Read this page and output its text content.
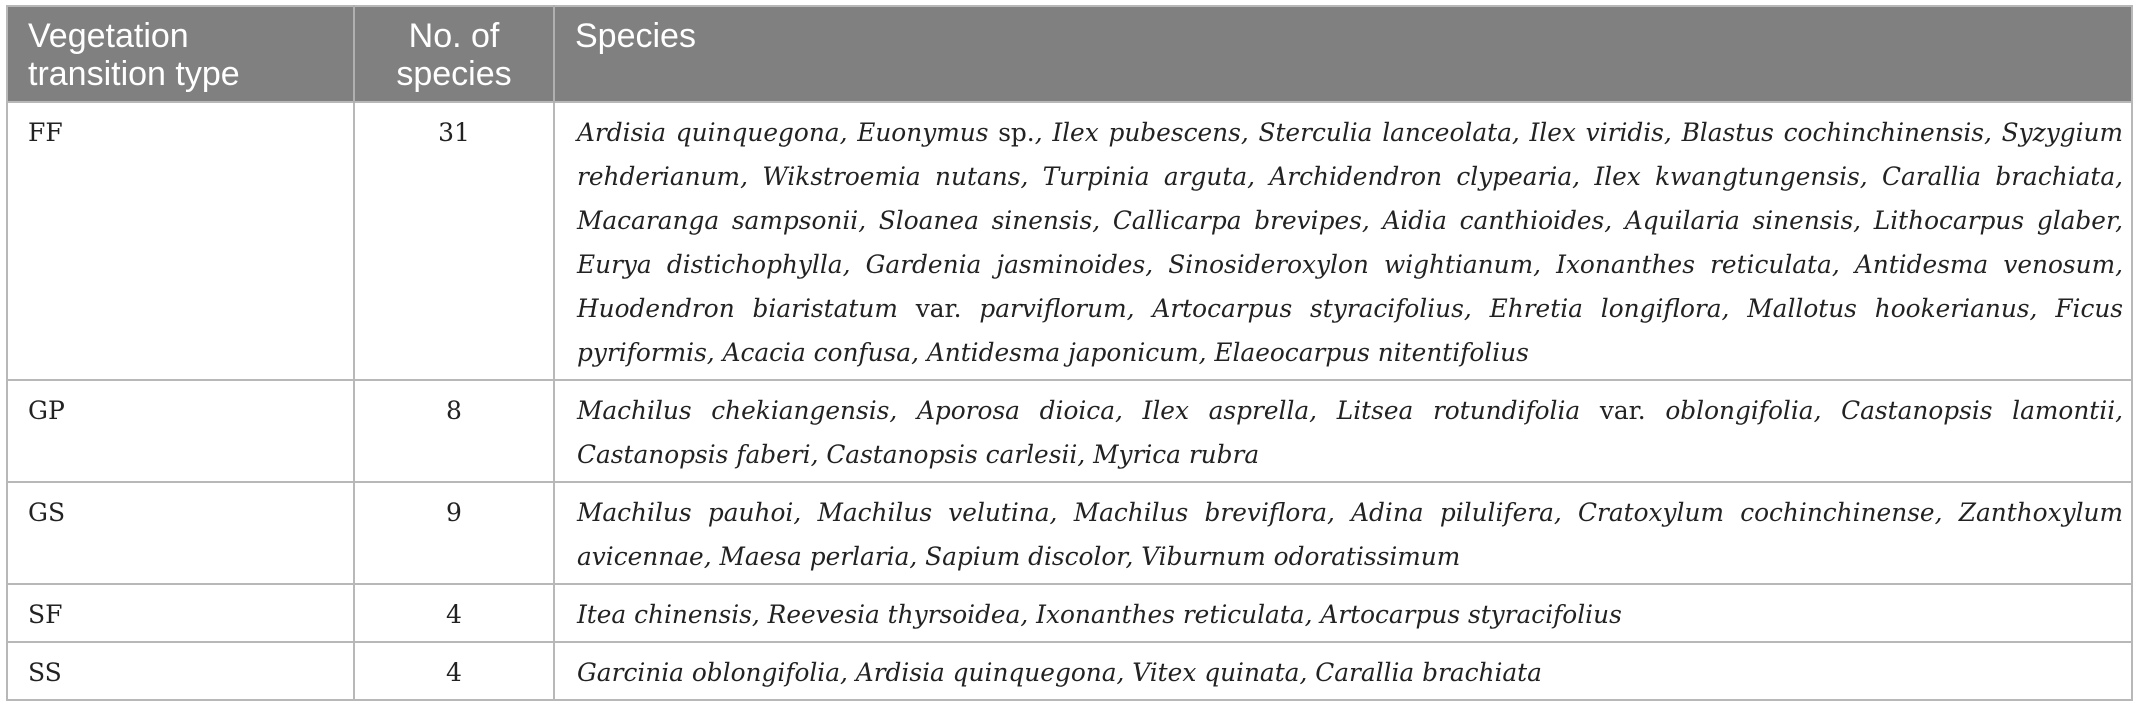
Vegetation transition type	No. of species	Species
FF	31	Ardisia quinquegona, Euonymus sp., Ilex pubescens, Sterculia lanceolata, Ilex viridis, Blastus cochinchinensis, Syzygium rehderianum, Wikstroemia nutans, Turpinia arguta, Archidendron clypearia, Ilex kwangtungensis, Carallia brachiata, Macaranga sampsonii, Sloanea sinensis, Callicarpa brevipes, Aidia canthioides, Aquilaria sinensis, Lithocarpus glaber, Eurya distichophylla, Gardenia jasminoides, Sinosideroxylon wightianum, Ixonanthes reticulata, Antidesma venosum, Huodendron biaristatum var. parviflorum, Artocarpus styracifolius, Ehretia longiflora, Mallotus hookerianus, Ficus pyriformis, Acacia confusa, Antidesma japonicum, Elaeocarpus nitentifolius
GP	8	Machilus chekiangensis, Aporosa dioica, Ilex asprella, Litsea rotundifolia var. oblongifolia, Castanopsis lamontii, Castanopsis faberi, Castanopsis carlesii, Myrica rubra
GS	9	Machilus pauhoi, Machilus velutina, Machilus breviflora, Adina pilulifera, Cratoxylum cochinchinense, Zanthoxylum avicennae, Maesa perlaria, Sapium discolor, Viburnum odoratissimum
SF	4	Itea chinensis, Reevesia thyrsoidea, Ixonanthes reticulata, Artocarpus styracifolius
SS	4	Garcinia oblongifolia, Ardisia quinquegona, Vitex quinata, Carallia brachiata
